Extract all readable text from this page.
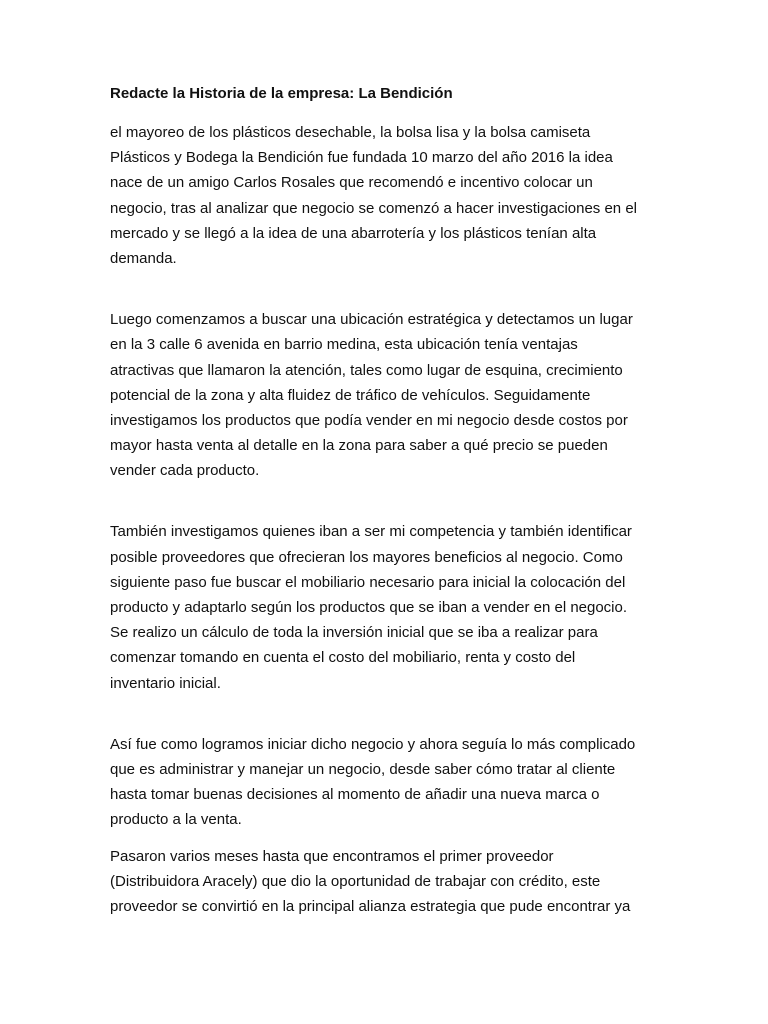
Redacte la Historia de la empresa: La Bendición

el mayoreo de los plásticos desechable, la bolsa lisa y la bolsa camiseta
Plásticos y Bodega la Bendición fue fundada 10 marzo del año 2016 la idea
nace de un amigo Carlos Rosales que recomendó e incentivo colocar un
negocio, tras al analizar que negocio se comenzó a hacer investigaciones en el
mercado y se llegó a la idea de una abarrotería y los plásticos tenían alta
demanda.

Luego comenzamos a buscar una ubicación estratégica y detectamos un lugar
en la 3 calle 6 avenida en barrio medina, esta ubicación tenía ventajas
atractivas que llamaron la atención, tales como lugar de esquina, crecimiento
potencial de la zona y alta fluidez de tráfico de vehículos. Seguidamente
investigamos los productos que podía vender en mi negocio desde costos por
mayor hasta venta al detalle en la zona para saber a qué precio se pueden
vender cada producto.

También investigamos quienes iban a ser mi competencia y también identificar
posible proveedores que ofrecieran los mayores beneficios al negocio. Como
siguiente paso fue buscar el mobiliario necesario para inicial la colocación del
producto y adaptarlo según los productos que se iban a vender en el negocio.
Se realizo un cálculo de toda la inversión inicial que se iba a realizar para
comenzar tomando en cuenta el costo del mobiliario, renta y costo del
inventario inicial.

Así fue como logramos iniciar dicho negocio y ahora seguía lo más complicado
que es administrar y manejar un negocio, desde saber cómo tratar al cliente
hasta tomar buenas decisiones al momento de añadir una nueva marca o
producto a la venta.

Pasaron varios meses hasta que encontramos el primer proveedor
(Distribuidora Aracely) que dio la oportunidad de trabajar con crédito, este
proveedor se convirtió en la principal alianza estrategia que pude encontrar ya
